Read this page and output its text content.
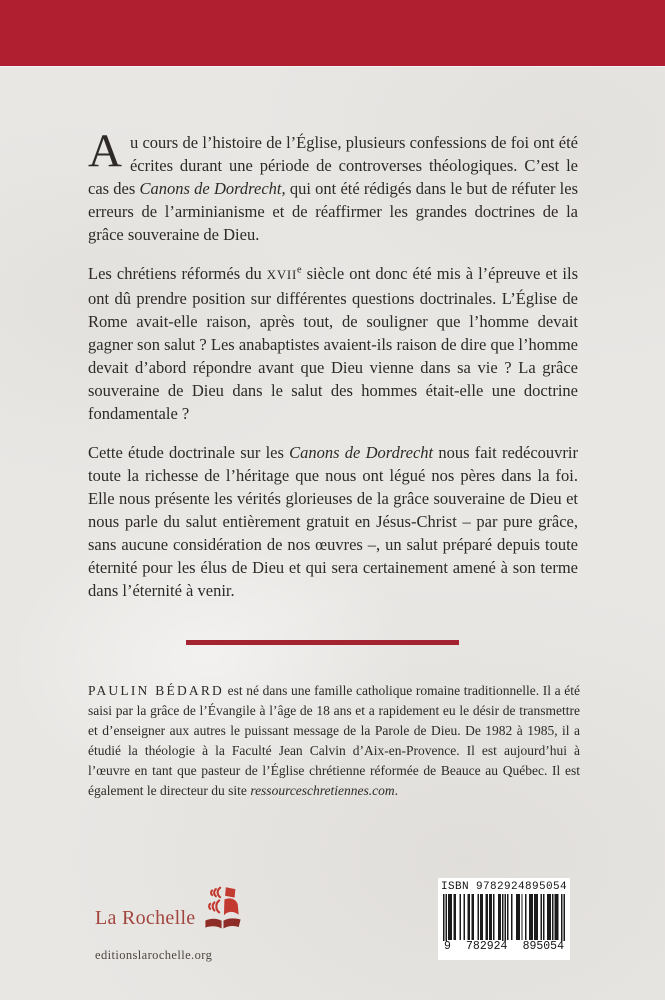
Au cours de l’histoire de l’Église, plusieurs confessions de foi ont été écrites durant une période de controverses théologiques. C’est le cas des Canons de Dordrecht, qui ont été rédigés dans le but de réfuter les erreurs de l’arminianisme et de réaffirmer les grandes doctrines de la grâce souveraine de Dieu.

Les chrétiens réformés du XVIIe siècle ont donc été mis à l’épreuve et ils ont dû prendre position sur différentes questions doctrinales. L’Église de Rome avait-elle raison, après tout, de souligner que l’homme devait gagner son salut ? Les anabaptistes avaient-ils raison de dire que l’homme devait d’abord répondre avant que Dieu vienne dans sa vie ? La grâce souveraine de Dieu dans le salut des hommes était-elle une doctrine fondamentale ?

Cette étude doctrinale sur les Canons de Dordrecht nous fait redécouvrir toute la richesse de l’héritage que nous ont légué nos pères dans la foi. Elle nous présente les vérités glorieuses de la grâce souveraine de Dieu et nous parle du salut entièrement gratuit en Jésus-Christ – par pure grâce, sans aucune considération de nos œuvres –, un salut préparé depuis toute éternité pour les élus de Dieu et qui sera certainement amené à son terme dans l’éternité à venir.

PAULIN BÉDARD est né dans une famille catholique romaine traditionnelle. Il a été saisi par la grâce de l’Évangile à l’âge de 18 ans et a rapidement eu le désir de transmettre et d’enseigner aux autres le puissant message de la Parole de Dieu. De 1982 à 1985, il a étudié la théologie à la Faculté Jean Calvin d’Aix-en-Provence. Il est aujourd’hui à l’œuvre en tant que pasteur de l’Église chrétienne réformée de Beauce au Québec. Il est également le directeur du site ressourceschretiennes.com.

La Rochelle
editionslarochelle.org
ISBN 9782924895054
9 782924 895054
